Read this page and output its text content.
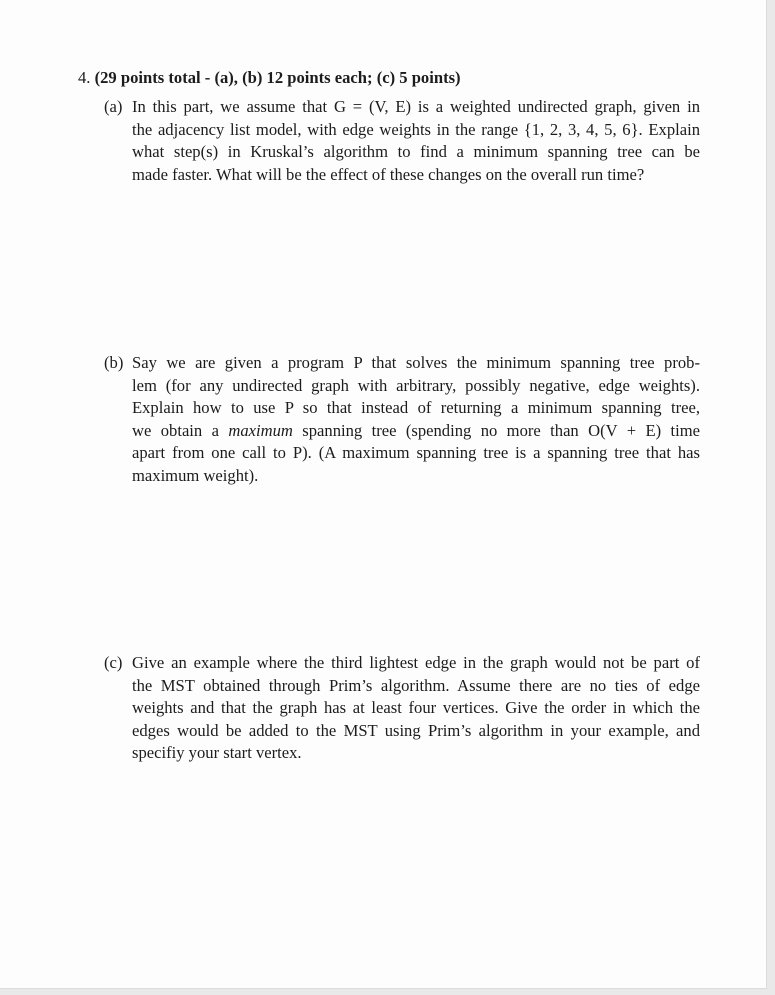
4. (29 points total - (a), (b) 12 points each; (c) 5 points)
(a) In this part, we assume that G = (V, E) is a weighted undirected graph, given in
the adjacency list model, with edge weights in the range {1, 2, 3, 4, 5, 6}. Explain
what step(s) in Kruskal’s algorithm to find a minimum spanning tree can be
made faster. What will be the effect of these changes on the overall run time?
(b) Say we are given a program P that solves the minimum spanning tree prob-
lem (for any undirected graph with arbitrary, possibly negative, edge weights).
Explain how to use P so that instead of returning a minimum spanning tree,
we obtain a maximum spanning tree (spending no more than O(V + E) time
apart from one call to P). (A maximum spanning tree is a spanning tree that has
maximum weight).
(c) Give an example where the third lightest edge in the graph would not be part of
the MST obtained through Prim’s algorithm. Assume there are no ties of edge
weights and that the graph has at least four vertices. Give the order in which the
edges would be added to the MST using Prim’s algorithm in your example, and
specifiy your start vertex.
